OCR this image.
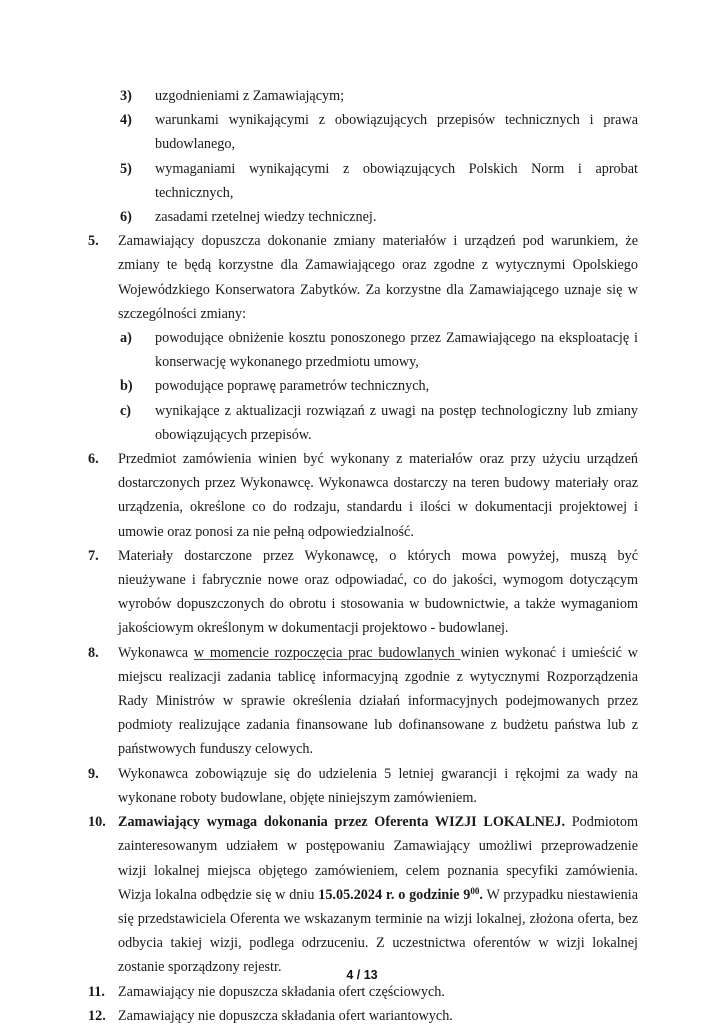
3)	uzgodnieniami z Zamawiającym;
4)	warunkami wynikającymi z obowiązujących przepisów technicznych i prawa budowlanego,
5)	wymaganiami wynikającymi z obowiązujących Polskich Norm i aprobat technicznych,
6)	zasadami rzetelnej wiedzy technicznej.
5.	Zamawiający dopuszcza dokonanie zmiany materiałów i urządzeń pod warunkiem, że zmiany te będą korzystne dla Zamawiającego oraz zgodne z wytycznymi Opolskiego Wojewódzkiego Konserwatora Zabytków. Za korzystne dla Zamawiającego uznaje się w szczególności zmiany:
a)	powodujące obniżenie kosztu ponoszonego przez Zamawiającego na eksploatację i konserwację wykonanego przedmiotu umowy,
b)	powodujące poprawę parametrów technicznych,
c)	wynikające z aktualizacji rozwiązań z uwagi na postęp technologiczny lub zmiany obowiązujących przepisów.
6.	Przedmiot zamówienia winien być wykonany z materiałów oraz przy użyciu urządzeń dostarczonych przez Wykonawcę. Wykonawca dostarczy na teren budowy materiały oraz urządzenia, określone co do rodzaju, standardu i ilości w dokumentacji projektowej i umowie oraz ponosi za nie pełną odpowiedzialność.
7.	Materiały dostarczone przez Wykonawcę, o których mowa powyżej, muszą być nieużywane i fabrycznie nowe oraz odpowiadać, co do jakości, wymogom dotyczącym wyrobów dopuszczonych do obrotu i stosowania w budownictwie, a także wymaganiom jakościowym określonym w dokumentacji projektowo - budowlanej.
8.	Wykonawca w momencie rozpoczęcia prac budowlanych winien wykonać i umieścić w miejscu realizacji zadania tablicę informacyjną zgodnie z wytycznymi Rozporządzenia Rady Ministrów w sprawie określenia działań informacyjnych podejmowanych przez podmioty realizujące zadania finansowane lub dofinansowane z budżetu państwa lub z państwowych funduszy celowych.
9.	Wykonawca zobowiązuje się do udzielenia 5 letniej gwarancji i rękojmi za wady na wykonane roboty budowlane, objęte niniejszym zamówieniem.
10. Zamawiający wymaga dokonania przez Oferenta WIZJI LOKALNEJ. Podmiotom zainteresowanym udziałem w postępowaniu Zamawiający umożliwi przeprowadzenie wizji lokalnej miejsca objętego zamówieniem, celem poznania specyfiki zamówienia. Wizja lokalna odbędzie się w dniu 15.05.2024 r. o godzinie $9^{00}$. W przypadku niestawienia się przedstawiciela Oferenta we wskazanym terminie na wizji lokalnej, złożona oferta, bez odbycia takiej wizji, podlega odrzuceniu. Z uczestnictwa oferentów w wizji lokalnej zostanie sporządzony rejestr.
11. Zamawiający nie dopuszcza składania ofert częściowych.
12. Zamawiający nie dopuszcza składania ofert wariantowych.
4 / 13
